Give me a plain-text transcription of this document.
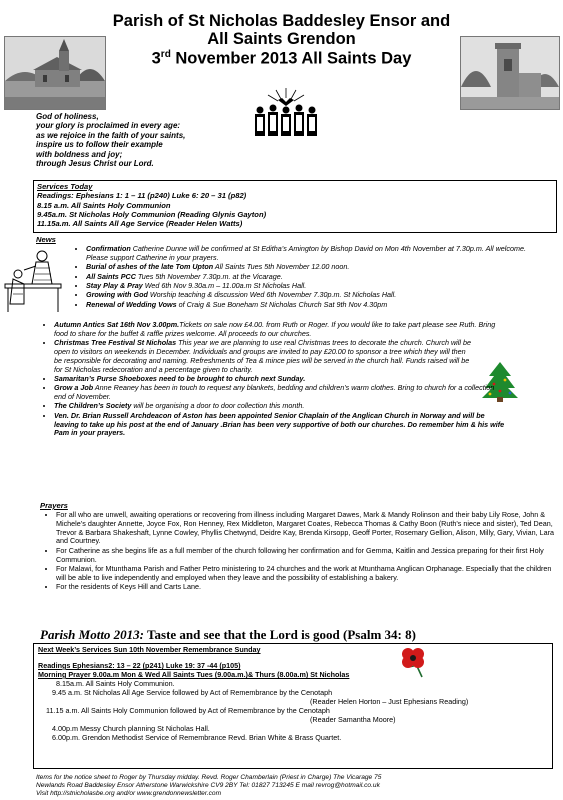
Parish of St Nicholas Baddesley Ensor and
All Saints Grendon
3rd November 2013 All Saints Day
God of holiness,
your glory is proclaimed in every age:
as we rejoice in the faith of your saints,
inspire us to follow their example
with boldness and joy;
through Jesus Christ our Lord.
Services Today
Readings: Ephesians 1: 1 – 11 (p240) Luke 6: 20 – 31 (p82)
8.15 a.m. All Saints Holy Communion
9.45a.m. St Nicholas Holy Communion (Reading Glynis Gayton)
11.15a.m. All Saints All Age Service (Reader Helen Watts)
News
• Confirmation Catherine Dunne will be confirmed at St Editha’s Amington by Bishop David on Mon 4th November at 7.30p.m. All welcome. Please support Catherine in your prayers.
• Burial of ashes of the late Tom Upton All Saints Tues 5th November 12.00 noon.
• All Saints PCC Tues 5th November 7.30p.m. at the Vicarage.
• Stay Play & Pray Wed 6th Nov 9.30a.m – 11.00a.m St Nicholas Hall.
• Growing with God Worship teaching & discussion Wed 6th November 7.30p.m. St Nicholas Hall.
• Renewal of Wedding Vows of Craig & Sue Boneham St Nicholas Church Sat 9th Nov 4.30pm
• Autumn Antics Sat 16th Nov 3.00pm.Tickets on sale now £4.00. from Ruth or Roger. If you would like to take part please see Ruth. Bring food to share for the buffet & raffle prizes welcome. All proceeds to our churches.
• Christmas Tree Festival St Nicholas This year we are planning to use real Christmas trees to decorate the church. Church will be open to visitors on weekends in December. Individuals and groups are invited to pay £20.00 to sponsor a tree which they will then be responsible for decorating and naming. Refreshments of Tea & mince pies will be served in the church hall. Funds raised will be for St Nicholas redecoration and a percentage given to charity.
• Samaritan’s Purse Shoeboxes need to be brought to church next Sunday.
• Grow a Job Anne Reaney has been in touch to request any blankets, bedding and children’s warm clothes. Bring to church for a collection end of November.
• The Children’s Society will be organising a door to door collection this month.
• Ven. Dr. Brian Russell Archdeacon of Aston has been appointed Senior Chaplain of the Anglican Church in Norway and will be leaving to take up his post at the end of January .Brian has been very supportive of both our churches. Do remember him & his wife Pam in your prayers.
Prayers
• For all who are unwell, awaiting operations or recovering from illness including Margaret Dawes, Mark & Mandy Rolinson and their baby Lily Rose, John & Michele’s daughter Annette, Joyce Fox, Ron Henney, Rex Middleton, Margaret Coates, Rebecca Thomas & Cathy Boon (Ruth’s niece and sister), Ted Dean, Trevor & Barbara Shakeshaft, Lynne Cowley, Phyllis Chetwynd, Deidre Kay, Brenda Kirsopp, Geoff Porter, Rosemary Gellion, Alison, Milly, Gary, Vivian, Lara and Courtney.
• For Catherine as she begins life as a full member of the church following her confirmation and for Gemma, Kaitlin and Jessica preparing for their first Holy Communion.
• For Malawi, for Mtunthama Parish and Father Petro ministering to 24 churches and the work at Mtunthama Anglican Orphanage. Especially that the children will be able to live independently and employed when they leave and the possibility of establishing a bakery.
• For the residents of Keys Hill and Carts Lane.
Parish Motto 2013: Taste and see that the Lord is good (Psalm 34: 8)
Next Week’s Services Sun 10th November Remembrance Sunday
Readings Ephesians2: 13 – 22 (p241) Luke 19: 37 -44 (p105)
Morning Prayer 9.00a.m Mon & Wed All Saints Tues (9.00a.m.)& Thurs (8.00a.m) St Nicholas
8.15a.m. All Saints Holy Communion.
9.45 a.m. St Nicholas All Age Service followed by Act of Remembrance by the Cenotaph
(Reader Helen Horton – Just Ephesians Reading)
11.15 a.m. All Saints Holy Communion followed by Act of Remembrance by the Cenotaph
(Reader Samantha Moore)
4.00p.m Messy Church planning St Nicholas Hall.
6.00p.m. Grendon Methodist Service of Remembrance Revd. Brian White & Brass Quartet.
Items for the notice sheet to Roger by Thursday midday. Revd. Roger Chamberlain (Priest in Charge) The Vicarage 75
Newlands Road Baddesley Ensor Atherstone Warwickshire CV9 2BY Tel: 01827 713245 E mail revrog@hotmail.co.uk
Visit http://stnicholasbe.org and/or www.grendonnewsletter.com
